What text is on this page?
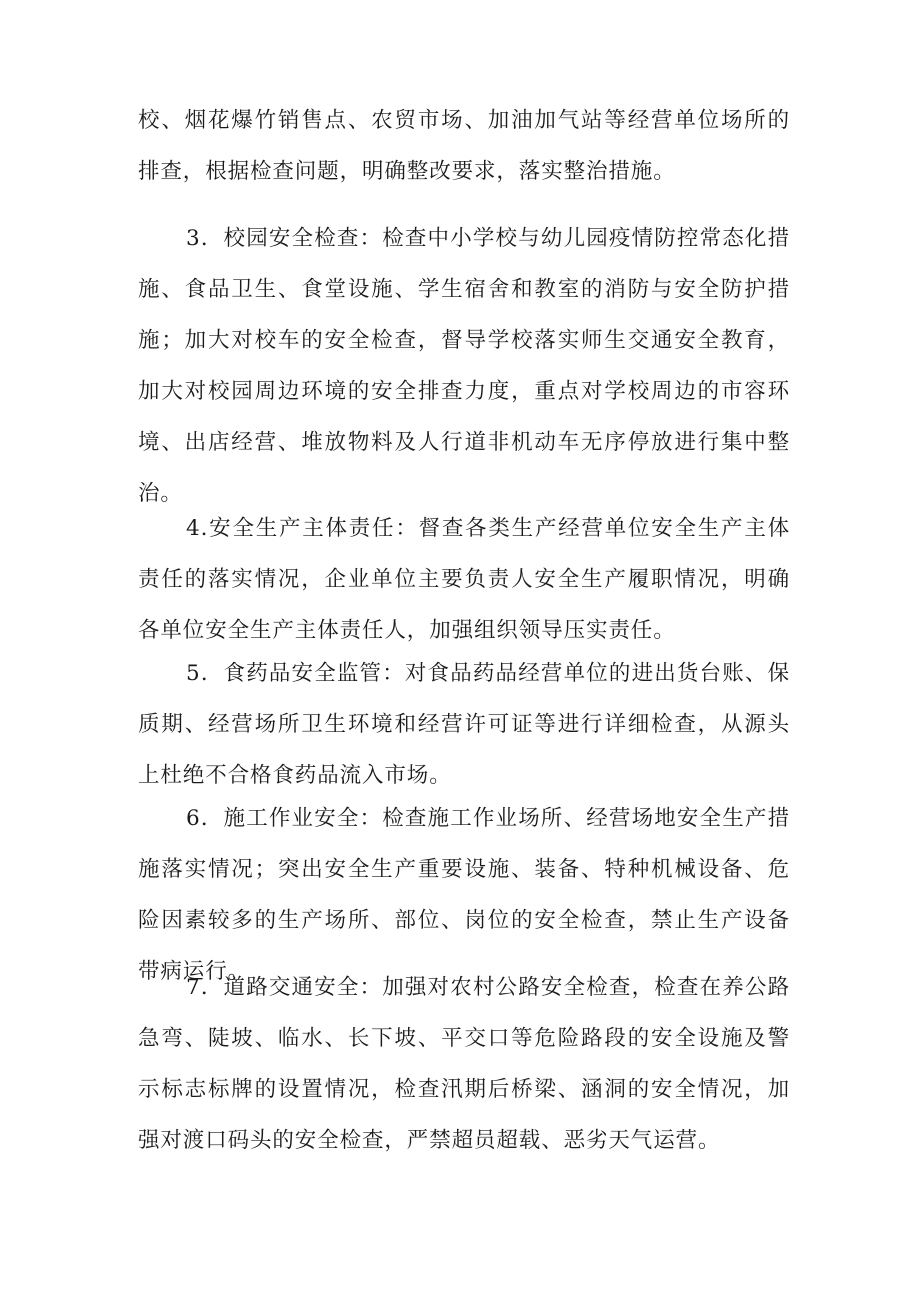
校、烟花爆竹销售点、农贸市场、加油加气站等经营单位场所的
排查，根据检查问题，明确整改要求，落实整治措施。
3．校园安全检查：检查中小学校与幼儿园疫情防控常态化措
施、食品卫生、食堂设施、学生宿舍和教室的消防与安全防护措
施；加大对校车的安全检查，督导学校落实师生交通安全教育，
加大对校园周边环境的安全排查力度，重点对学校周边的市容环
境、出店经营、堆放物料及人行道非机动车无序停放进行集中整
治。
4.安全生产主体责任：督查各类生产经营单位安全生产主体
责任的落实情况，企业单位主要负责人安全生产履职情况，明确
各单位安全生产主体责任人，加强组织领导压实责任。
5．食药品安全监管：对食品药品经营单位的进出货台账、保
质期、经营场所卫生环境和经营许可证等进行详细检查，从源头
上杜绝不合格食药品流入市场。
6．施工作业安全：检查施工作业场所、经营场地安全生产措
施落实情况；突出安全生产重要设施、装备、特种机械设备、危
险因素较多的生产场所、部位、岗位的安全检查，禁止生产设备
带病运行。
7．道路交通安全：加强对农村公路安全检查，检查在养公路
急弯、陡坡、临水、长下坡、平交口等危险路段的安全设施及警
示标志标牌的设置情况，检查汛期后桥梁、涵洞的安全情况，加
强对渡口码头的安全检查，严禁超员超载、恶劣天气运营。
